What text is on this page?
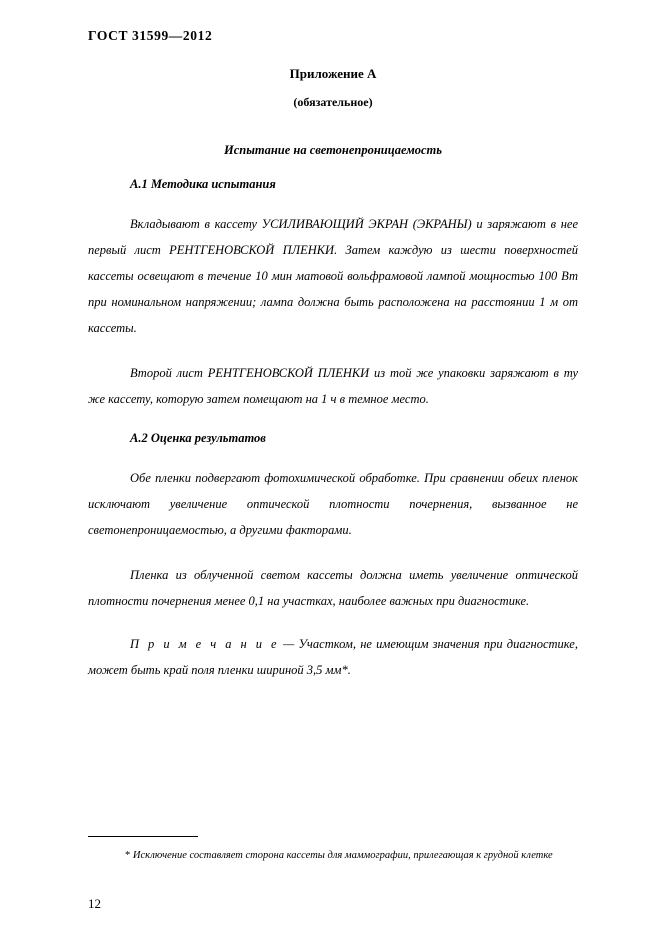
ГОСТ 31599—2012
Приложение А
(обязательное)
Испытание на светонепроницаемость
А.1 Методика испытания

Вкладывают в кассету УСИЛИВАЮЩИЙ ЭКРАН (ЭКРАНЫ) и заряжают в нее первый лист РЕНТГЕНОВСКОЙ ПЛЕНКИ. Затем каждую из шести поверхностей кассеты освещают в течение 10 мин матовой вольфрамовой лампой мощностью 100 Вт при номинальном напряжении; лампа должна быть расположена на расстоянии 1 м от кассеты.

Второй лист РЕНТГЕНОВСКОЙ ПЛЕНКИ из той же упаковки заряжают в ту же кассету, которую затем помещают на 1 ч в темное место.

А.2 Оценка результатов

Обе пленки подвергают фотохимической обработке. При сравнении обеих пленок исключают увеличение оптической плотности почернения, вызванное не светонепроницаемостью, а другими факторами.

Пленка из облученной светом кассеты должна иметь увеличение оптической плотности почернения менее 0,1 на участках, наиболее важных при диагностике.

П р и м е ч а н и е — Участком, не имеющим значения при диагностике, может быть край поля пленки шириной 3,5 мм*.

* Исключение составляет сторона кассеты для маммографии, прилегающая к грудной клетке
12
